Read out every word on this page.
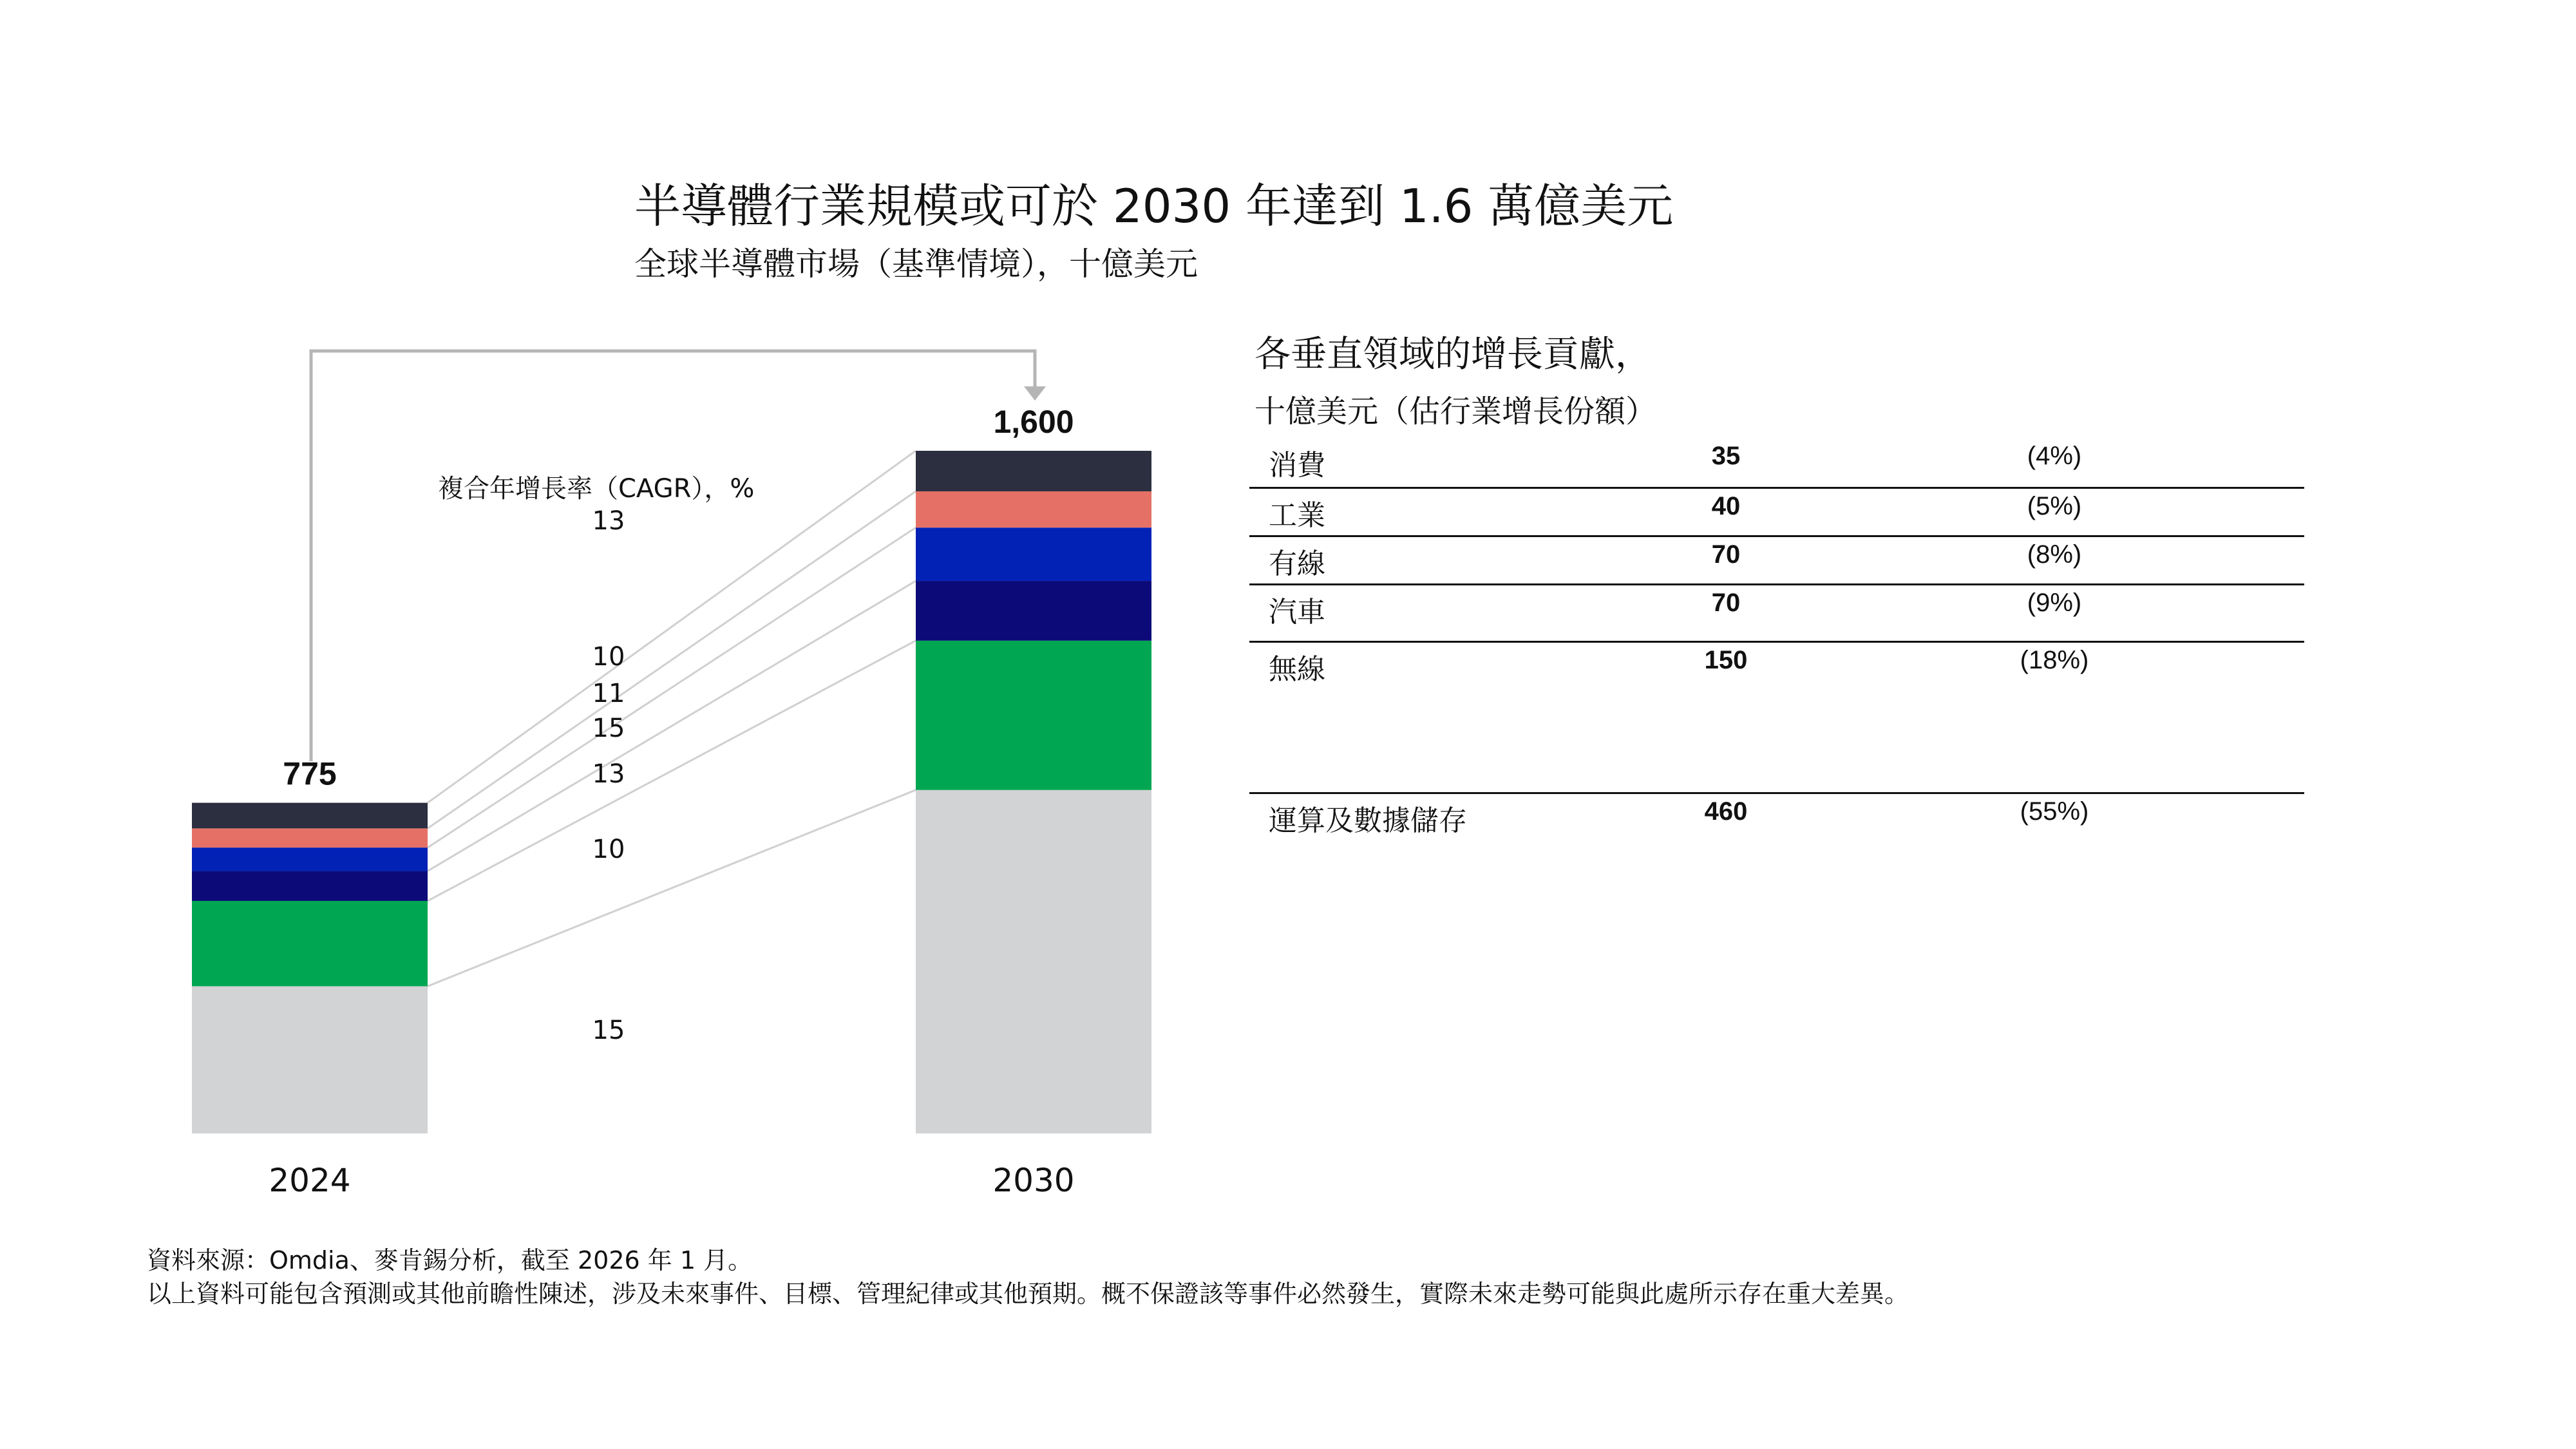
半導體行業規模或可於 2030 年達到 1.6 萬億美元
全球半導體市場（基準情境），十億美元
2024	2030
775
1,600
複合年增長率（CAGR），%
13
15
10
13
15
11
10
各垂直領域的增長貢獻，
十億美元（估行業增長份額）
消費	35	(4%)
工業	40	(5%)
有線	70	(8%)
汽車	70	(9%)
無線	150	(18%)
運算及數據儲存	460	(55%)
資料來源：Omdia、麥肯錫分析，截至 2026 年 1 月。
以上資料可能包含預測或其他前瞻性陳述，涉及未來事件、目標、管理紀律或其他預期。概不保證該等事件必然發生，實際未來走勢可能與此處所示存在重大差異。
